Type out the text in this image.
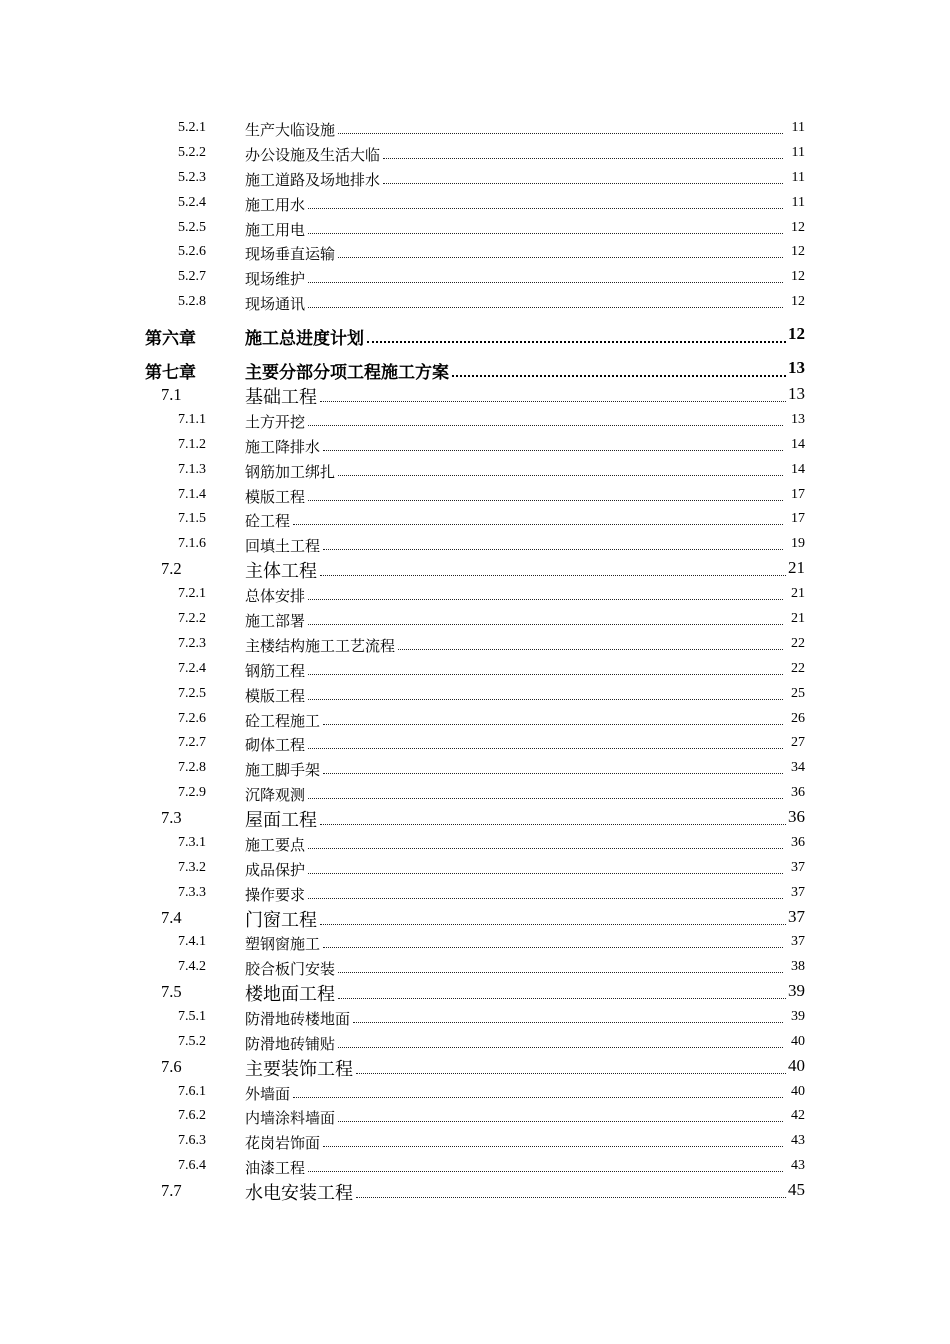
5.2.1	生产大临设施	11
5.2.2	办公设施及生活大临	11
5.2.3	施工道路及场地排水	11
5.2.4	施工用水	11
5.2.5	施工用电	12
5.2.6	现场垂直运输	12
5.2.7	现场维护	12
5.2.8	现场通讯	12
第六章	施工总进度计划	12
第七章	主要分部分项工程施工方案	13
7.1	基础工程	13
7.1.1	土方开挖	13
7.1.2	施工降排水	14
7.1.3	钢筋加工绑扎	14
7.1.4	模版工程	17
7.1.5	砼工程	17
7.1.6	回填土工程	19
7.2	主体工程	21
7.2.1	总体安排	21
7.2.2	施工部署	21
7.2.3	主楼结构施工工艺流程	22
7.2.4	钢筋工程	22
7.2.5	模版工程	25
7.2.6	砼工程施工	26
7.2.7	砌体工程	27
7.2.8	施工脚手架	34
7.2.9	沉降观测	36
7.3	屋面工程	36
7.3.1	施工要点	36
7.3.2	成品保护	37
7.3.3	操作要求	37
7.4	门窗工程	37
7.4.1	塑钢窗施工	37
7.4.2	胶合板门安装	38
7.5	楼地面工程	39
7.5.1	防滑地砖楼地面	39
7.5.2	防滑地砖铺贴	40
7.6	主要装饰工程	40
7.6.1	外墙面	40
7.6.2	内墙涂料墙面	42
7.6.3	花岗岩饰面	43
7.6.4	油漆工程	43
7.7	水电安装工程	45
